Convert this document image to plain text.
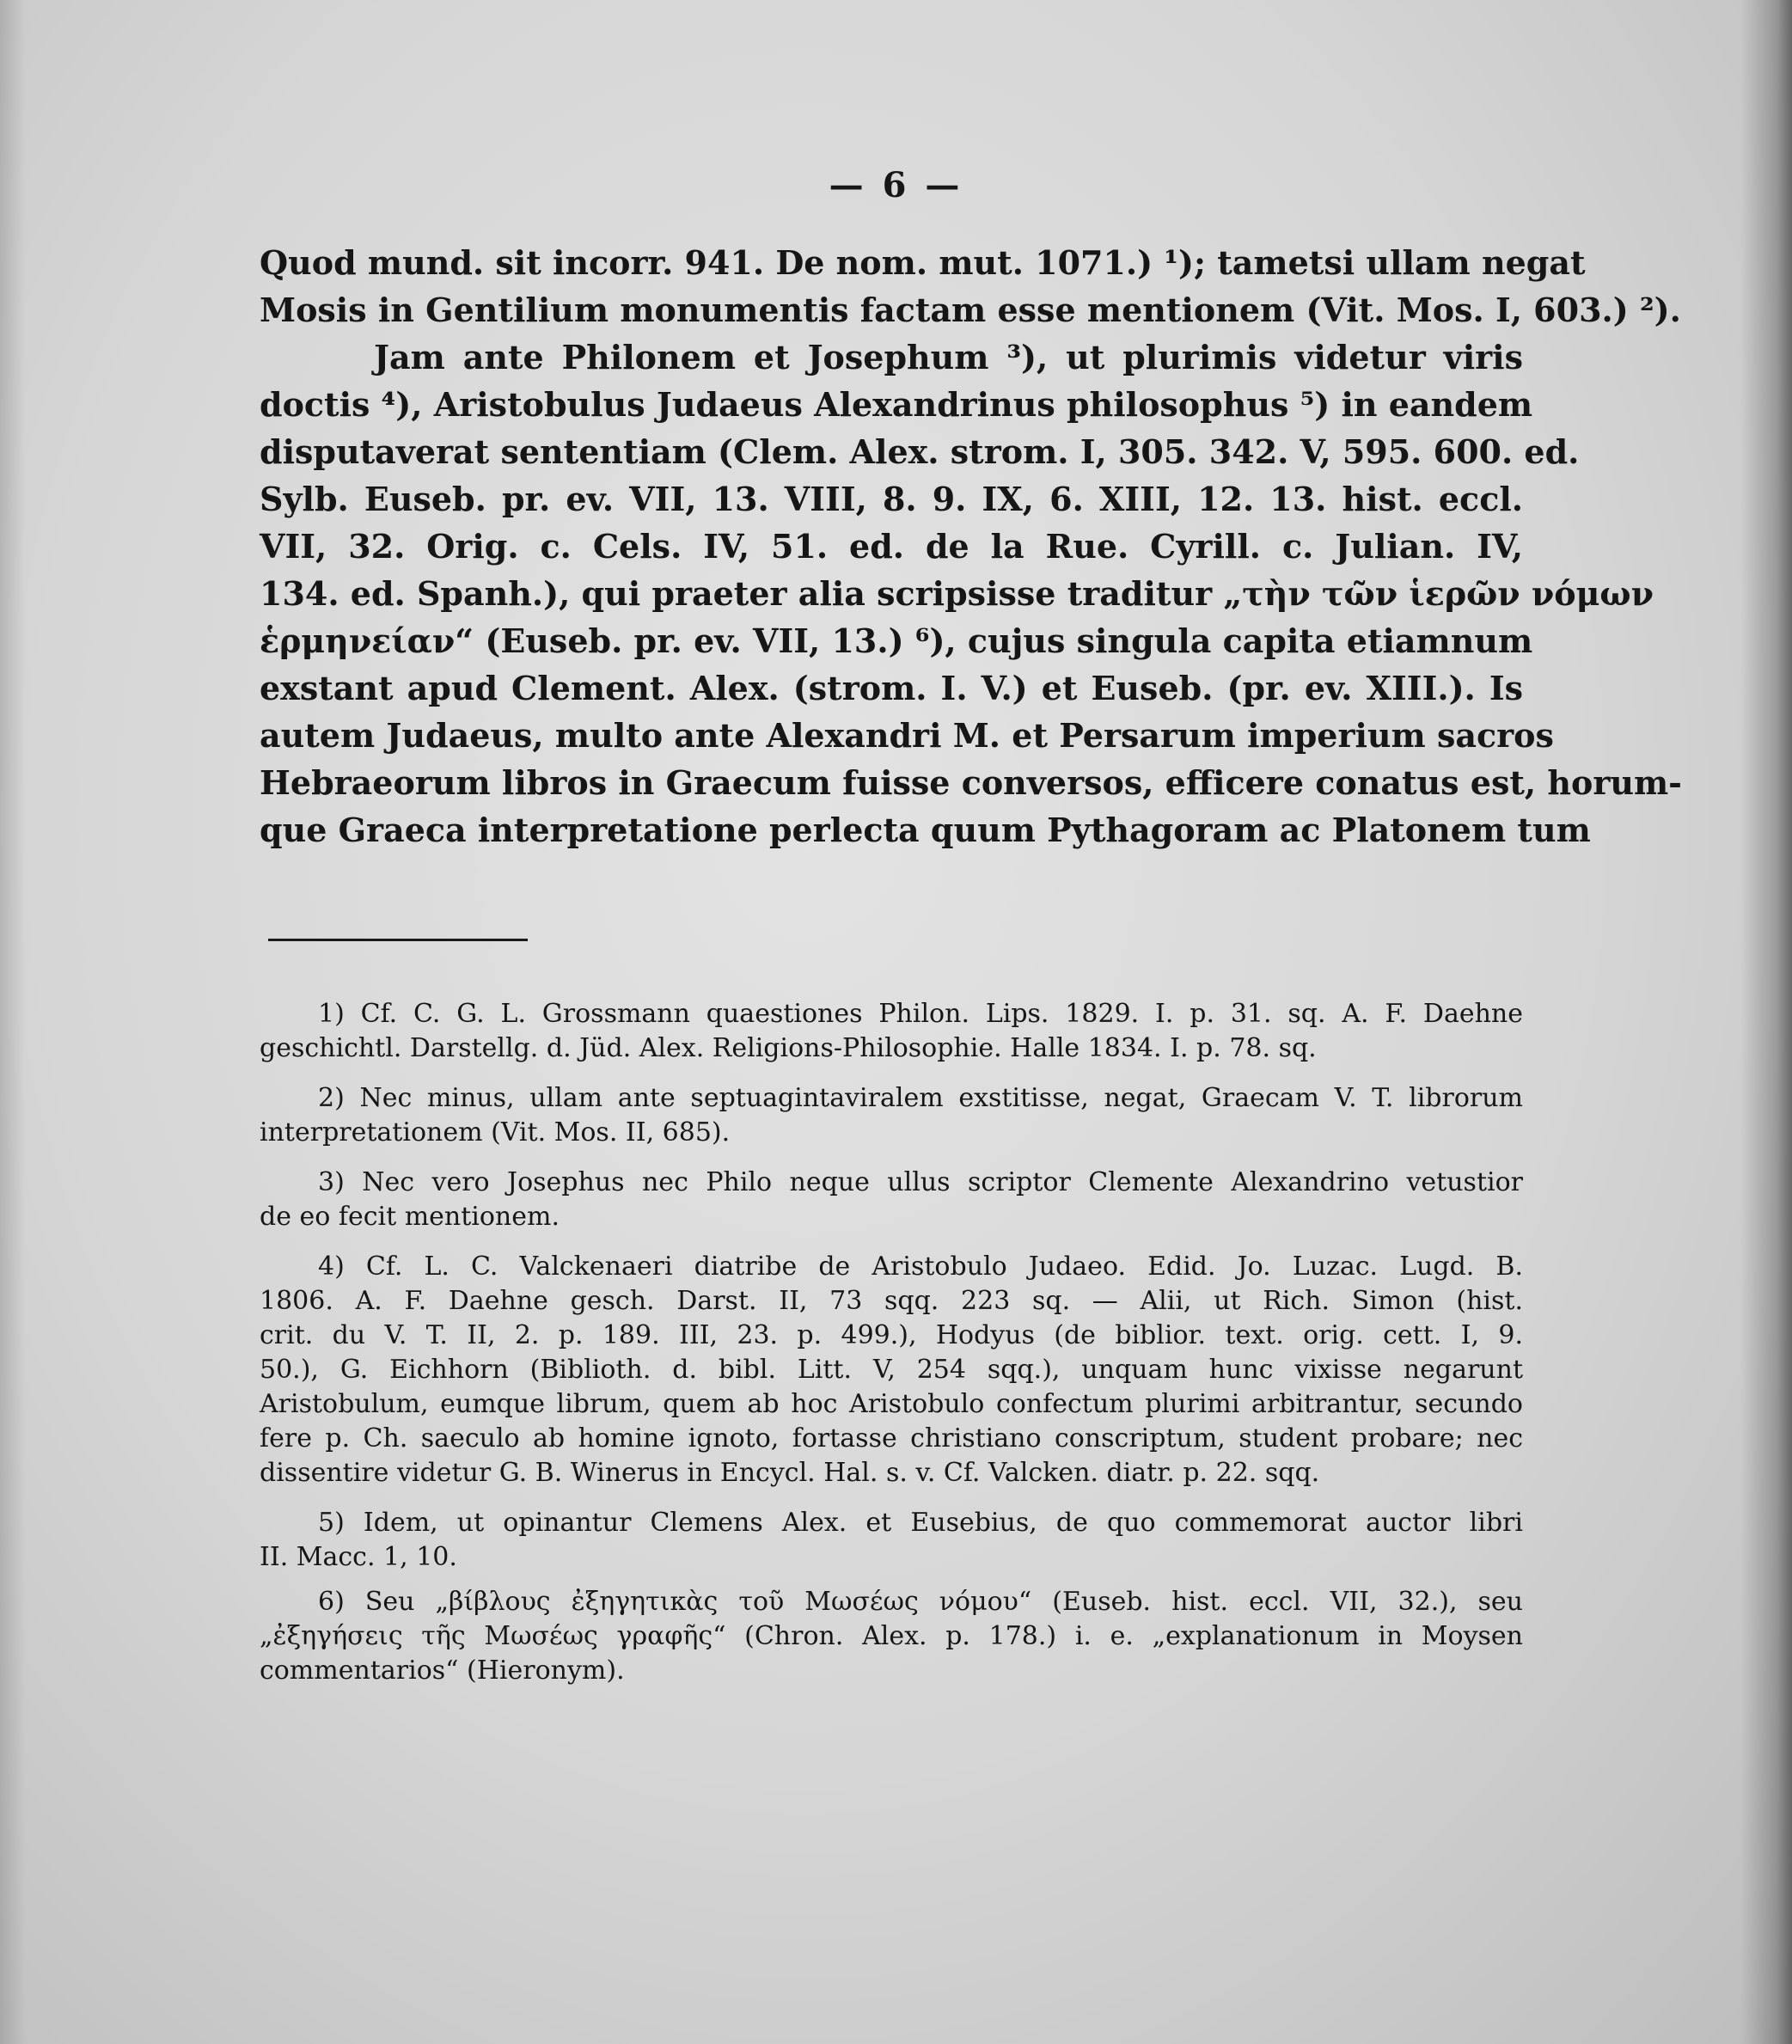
— 6 —
Quod mund. sit incorr. 941. De nom. mut. 1071.) ¹); tametsi ullam negat
Mosis in Gentilium monumentis factam esse mentionem (Vit. Mos. I, 603.) ²).
Jam ante Philonem et Josephum ³), ut plurimis videtur viris
doctis ⁴), Aristobulus Judaeus Alexandrinus philosophus ⁵) in eandem
disputaverat sententiam (Clem. Alex. strom. I, 305. 342. V, 595. 600. ed.
Sylb. Euseb. pr. ev. VII, 13. VIII, 8. 9. IX, 6. XIII, 12. 13. hist. eccl.
VII, 32. Orig. c. Cels. IV, 51. ed. de la Rue. Cyrill. c. Julian. IV,
134. ed. Spanh.), qui praeter alia scripsisse traditur „τὴν τῶν ἱερῶν νόμων
ἑρμηνείαν“ (Euseb. pr. ev. VII, 13.) ⁶), cujus singula capita etiamnum
exstant apud Clement. Alex. (strom. I. V.) et Euseb. (pr. ev. XIII.). Is
autem Judaeus, multo ante Alexandri M. et Persarum imperium sacros
Hebraeorum libros in Graecum fuisse conversos, efficere conatus est, horum-
que Graeca interpretatione perlecta quum Pythagoram ac Platonem tum
1) Cf. C. G. L. Grossmann quaestiones Philon. Lips. 1829. I. p. 31. sq. A. F. Daehne
geschichtl. Darstellg. d. Jüd. Alex. Religions-Philosophie. Halle 1834. I. p. 78. sq.
2) Nec minus, ullam ante septuagintaviralem exstitisse, negat, Graecam V. T. librorum
interpretationem (Vit. Mos. II, 685).
3) Nec vero Josephus nec Philo neque ullus scriptor Clemente Alexandrino vetustior
de eo fecit mentionem.
4) Cf. L. C. Valckenaeri diatribe de Aristobulo Judaeo. Edid. Jo. Luzac. Lugd. B.
1806. A. F. Daehne gesch. Darst. II, 73 sqq. 223 sq. — Alii, ut Rich. Simon (hist.
crit. du V. T. II, 2. p. 189. III, 23. p. 499.), Hodyus (de biblior. text. orig. cett. I, 9.
50.), G. Eichhorn (Biblioth. d. bibl. Litt. V, 254 sqq.), unquam hunc vixisse negarunt
Aristobulum, eumque librum, quem ab hoc Aristobulo confectum plurimi arbitrantur, secundo
fere p. Ch. saeculo ab homine ignoto, fortasse christiano conscriptum, student probare; nec
dissentire videtur G. B. Winerus in Encycl. Hal. s. v. Cf. Valcken. diatr. p. 22. sqq.
5) Idem, ut opinantur Clemens Alex. et Eusebius, de quo commemorat auctor libri
II. Macc. 1, 10.
6) Seu „βίβλους ἐξηγητικὰς τοῦ Μωσέως νόμου“ (Euseb. hist. eccl. VII, 32.), seu
„ἐξηγήσεις τῆς Μωσέως γραφῆς“ (Chron. Alex. p. 178.) i. e. „explanationum in Moysen
commentarios“ (Hieronym).
